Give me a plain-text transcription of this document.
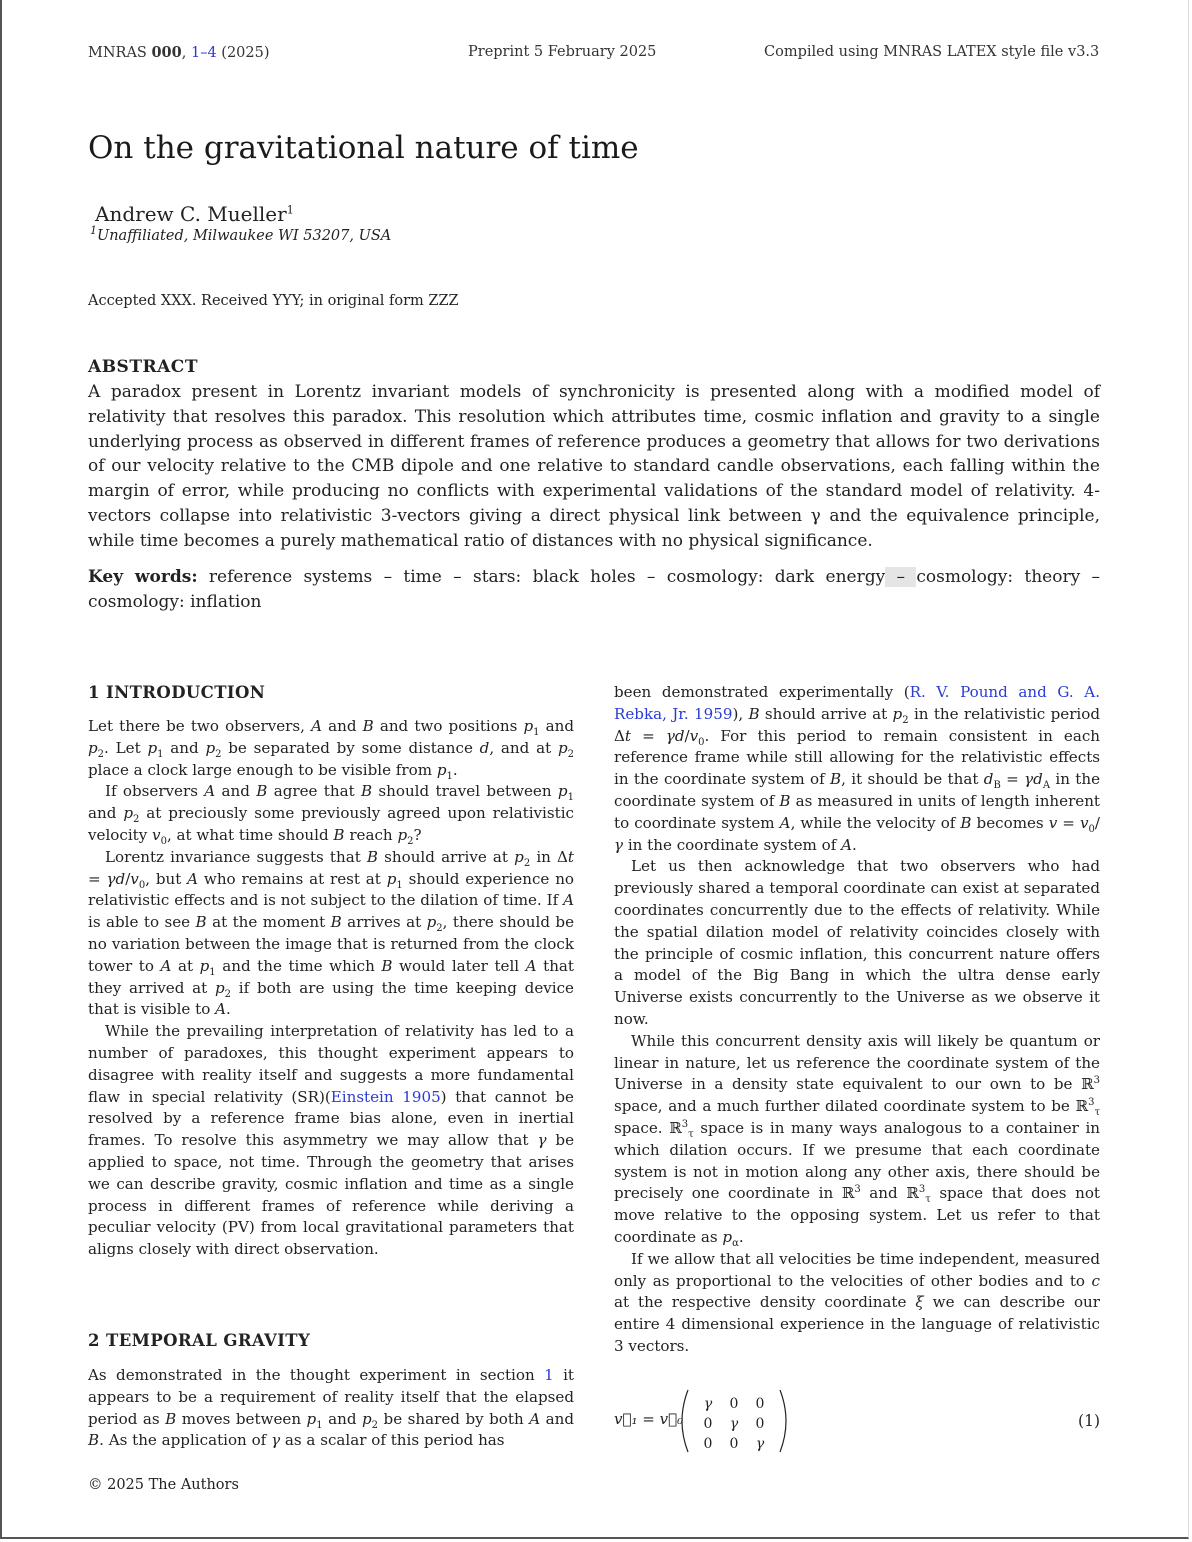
MNRAS 000, 1–4 (2025)	Preprint 5 February 2025	Compiled using MNRAS LATEX style file v3.3
On the gravitational nature of time
Andrew C. Mueller$^1$
$^1$Unaffiliated, Milwaukee WI 53207, USA
Accepted XXX. Received YYY; in original form ZZZ
ABSTRACT
A paradox present in Lorentz invariant models of synchronicity is presented along with a modified model of relativity that resolves this paradox. This resolution which attributes time, cosmic inflation and gravity to a single underlying process as observed in different frames of reference produces a geometry that allows for two derivations of our velocity relative to the CMB dipole and one relative to standard candle observations, each falling within the margin of error, while producing no conflicts with experimental validations of the standard model of relativity. 4-vectors collapse into relativistic 3-vectors giving a direct physical link between γ and the equivalence principle, while time becomes a purely mathematical ratio of distances with no physical significance.
Key words: reference systems – time – stars: black holes – cosmology: dark energy – cosmology: theory – cosmology: inflation
1 INTRODUCTION

Let there be two observers, A and B and two positions $p_1$ and $p_2$. Let $p_1$ and $p_2$ be separated by some distance d, and at $p_2$ place a clock large enough to be visible from $p_1$.

If observers A and B agree that B should travel between $p_1$ and $p_2$ at preciously some previously agreed upon relativistic velocity $v_0$, at what time should B reach $p_2$?

Lorentz invariance suggests that B should arrive at $p_2$ in $\Delta t = \gamma d/v_0$, but A who remains at rest at $p_1$ should experience no relativistic effects and is not subject to the dilation of time. If A is able to see B at the moment B arrives at $p_2$, there should be no variation between the image that is returned from the clock tower to A at $p_1$ and the time which B would later tell A that they arrived at $p_2$ if both are using the time keeping device that is visible to A.

While the prevailing interpretation of relativity has led to a number of paradoxes, this thought experiment appears to disagree with reality itself and suggests a more fundamental flaw in special relativity (SR)(Einstein 1905) that cannot be resolved by a reference frame bias alone, even in inertial frames. To resolve this asymmetry we may allow that γ be applied to space, not time. Through the geometry that arises we can describe gravity, cosmic inflation and time as a single process in different frames of reference while deriving a peculiar velocity (PV) from local gravitational parameters that aligns closely with direct observation.

2 TEMPORAL GRAVITY

As demonstrated in the thought experiment in section 1 it appears to be a requirement of reality itself that the elapsed period as B moves between $p_1$ and $p_2$ be shared by both A and B. As the application of γ as a scalar of this period has

been demonstrated experimentally (R. V. Pound and G. A. Rebka, Jr. 1959), B should arrive at $p_2$ in the relativistic period $\Delta t = \gamma d/v_0$. For this period to remain consistent in each reference frame while still allowing for the relativistic effects in the coordinate system of B, it should be that $d_B = \gamma d_A$ in the coordinate system of B as measured in units of length inherent to coordinate system A, while the velocity of B becomes $v = v_0/\gamma$ in the coordinate system of A.

Let us then acknowledge that two observers who had previously shared a temporal coordinate can exist at separated coordinates concurrently due to the effects of relativity. While the spatial dilation model of relativity coincides closely with the principle of cosmic inflation, this concurrent nature offers a model of the Big Bang in which the ultra dense early Universe exists concurrently to the Universe as we observe it now.

While this concurrent density axis will likely be quantum or linear in nature, let us reference the coordinate system of the Universe in a density state equivalent to our own to be ℝ$^3$ space, and a much further dilated coordinate system to be ℝ$^3_\tau$ space. ℝ$^3_\tau$ space is in many ways analogous to a container in which dilation occurs. If we presume that each coordinate system is not in motion along any other axis, there should be precisely one coordinate in ℝ$^3$ and ℝ$^3_\tau$ space that does not move relative to the opposing system. Let us refer to that coordinate as $p_\alpha$.

If we allow that all velocities be time independent, measured only as proportional to the velocities of other bodies and to c at the respective density coordinate ξ we can describe our entire 4 dimensional experience in the language of relativistic 3 vectors.

v⃗₁ = v⃗₀
γ 0 0
0 γ 0
0 0 γ
(1)
© 2025 The Authors
